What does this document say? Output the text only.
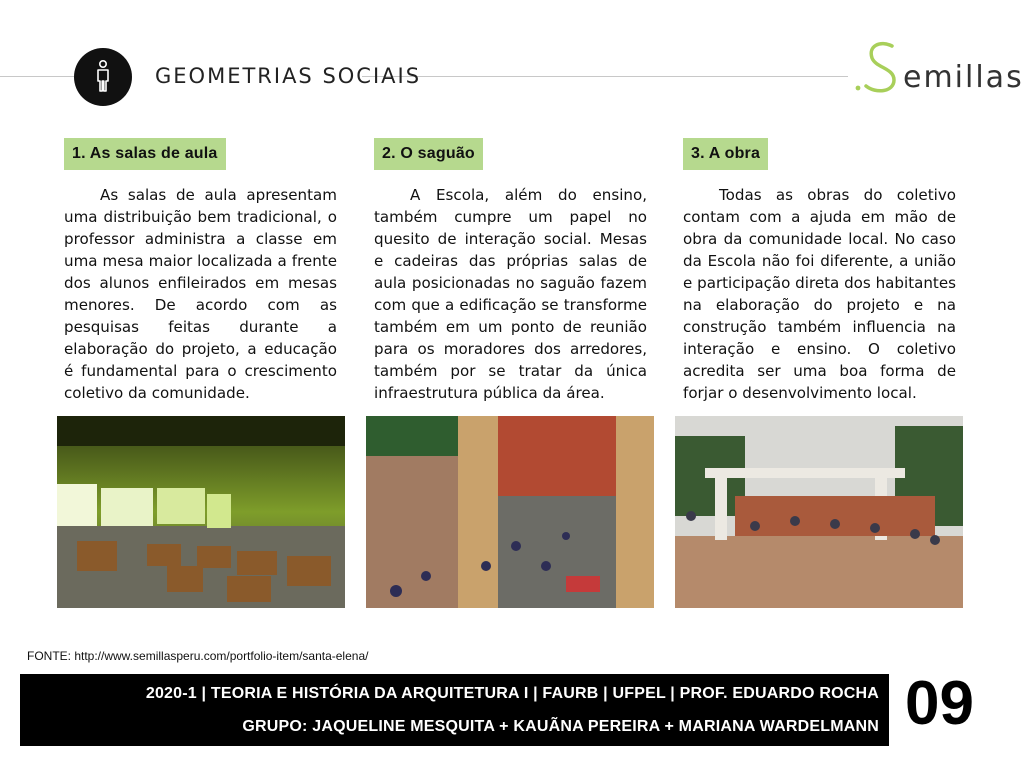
GEOMETRIAS SOCIAIS	emillas
1. As salas de aula
As salas de aula apresentam uma distribuição bem tradicional, o professor administra a classe em uma mesa maior localizada a frente dos alunos enfileirados em mesas menores. De acordo com as pesquisas feitas durante a elaboração do projeto, a educação é fundamental para o crescimento coletivo da comunidade.
2. O saguão
A Escola, além do ensino, também cumpre um papel no quesito de interação social. Mesas e cadeiras das próprias salas de aula posicionadas no saguão fazem com que a edificação se transforme também em um ponto de reunião para os moradores dos arredores, também por se tratar da única infraestrutura pública da área.
3. A obra
Todas as obras do coletivo contam com a ajuda em mão de obra da comunidade local. No caso da Escola não foi diferente, a união e participação direta dos habitantes na elaboração do projeto e na construção também influencia na interação e ensino. O coletivo acredita ser uma boa forma de forjar o desenvolvimento local.
FONTE: http://www.semillasperu.com/portfolio-item/santa-elena/
2020-1 | TEORIA E HISTÓRIA DA ARQUITETURA I | FAURB | UFPEL | PROF. EDUARDO ROCHA
GRUPO: JAQUELINE MESQUITA + KAUÃNA PEREIRA + MARIANA WARDELMANN 09
